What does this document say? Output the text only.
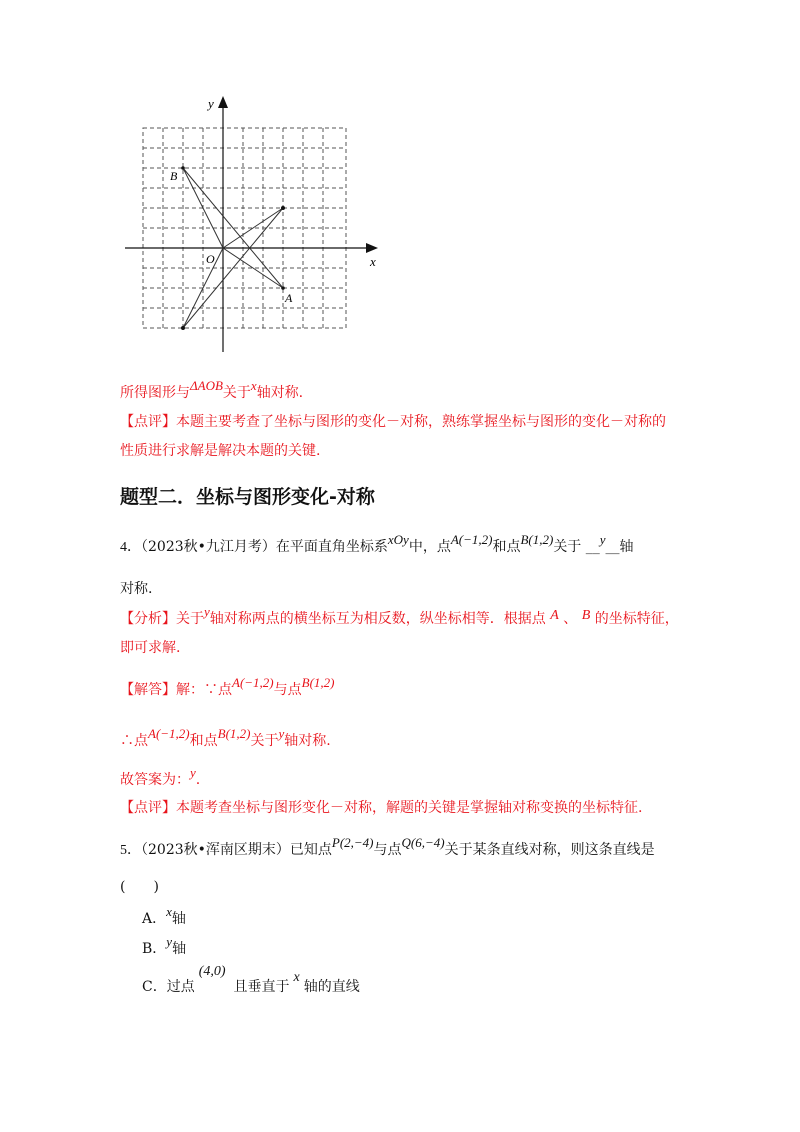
y
x
O
A
B
所得图形与ΔAOB关于x轴对称.
【点评】本题主要考查了坐标与图形的变化－对称，熟练掌握坐标与图形的变化－对称的
性质进行求解是解决本题的关键.
题型二．坐标与图形变化-对称
4．（2023秋•九江月考）在平面直角坐标系xOy中，点A(−1,2)和点B(1,2)关于 __y__轴
对称.
【分析】关于y轴对称两点的横坐标互为相反数，纵坐标相等．根据点 A 、 B 的坐标特征，
即可求解.
【解答】解：∵点A(−1,2)与点B(1,2)
∴点A(−1,2)和点B(1,2)关于y轴对称.
故答案为：y.
【点评】本题考查坐标与图形变化－对称，解题的关键是掌握轴对称变换的坐标特征.
5．（2023秋•浑南区期末）已知点P(2,−4)与点Q(6,−4)关于某条直线对称，则这条直线是
(　　)
A．x轴
B．y轴
C．过点(4,0)且垂直于x轴的直线
